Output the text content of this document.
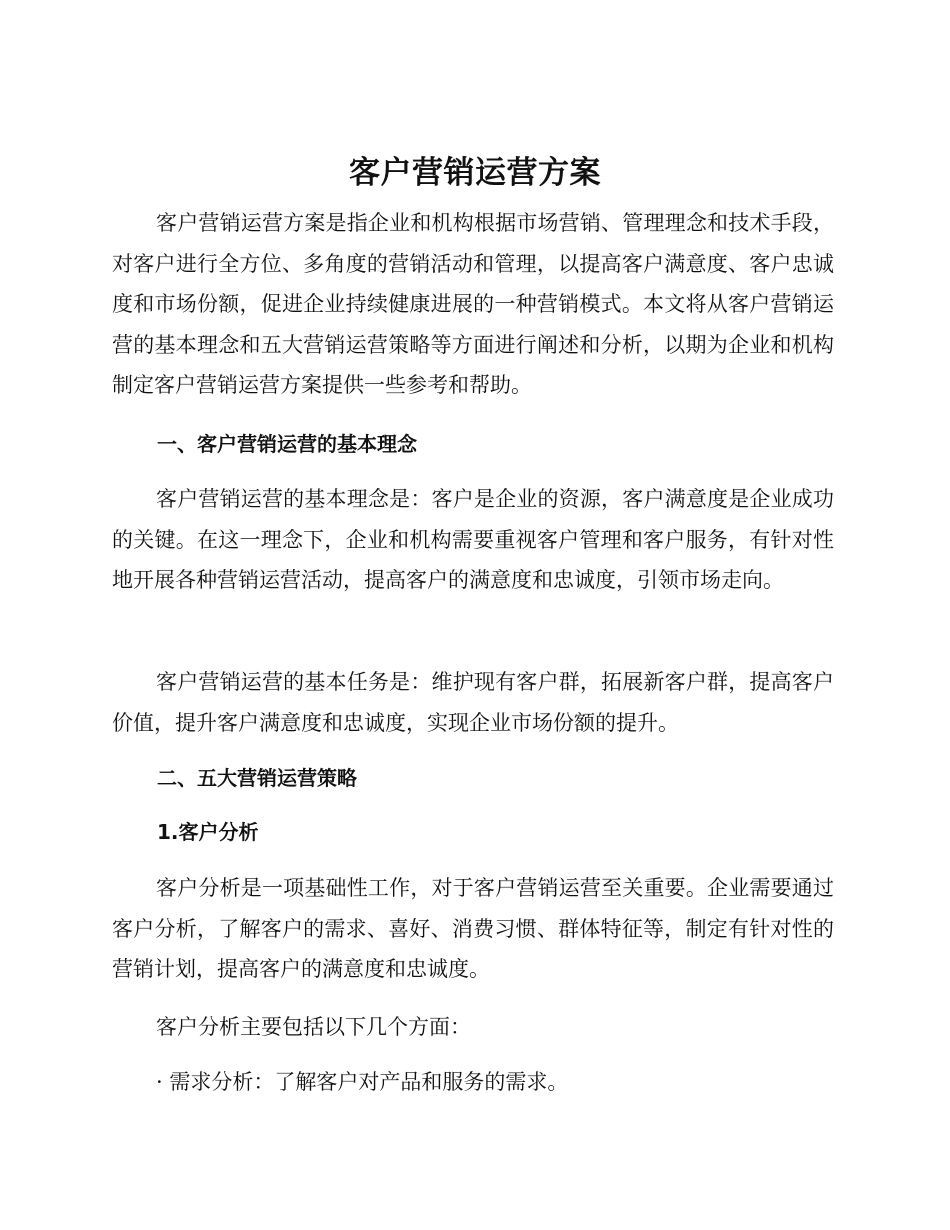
客户营销运营方案

客户营销运营方案是指企业和机构根据市场营销、管理理念和技术手段，对客户进行全方位、多角度的营销活动和管理，以提高客户满意度、客户忠诚度和市场份额，促进企业持续健康进展的一种营销模式。本文将从客户营销运营的基本理念和五大营销运营策略等方面进行阐述和分析，以期为企业和机构制定客户营销运营方案提供一些参考和帮助。

一、客户营销运营的基本理念

客户营销运营的基本理念是：客户是企业的资源，客户满意度是企业成功的关键。在这一理念下，企业和机构需要重视客户管理和客户服务，有针对性地开展各种营销运营活动，提高客户的满意度和忠诚度，引领市场走向。

客户营销运营的基本任务是：维护现有客户群，拓展新客户群，提高客户价值，提升客户满意度和忠诚度，实现企业市场份额的提升。

二、五大营销运营策略
1.客户分析

客户分析是一项基础性工作，对于客户营销运营至关重要。企业需要通过客户分析，了解客户的需求、喜好、消费习惯、群体特征等，制定有针对性的营销计划，提高客户的满意度和忠诚度。

客户分析主要包括以下几个方面：

· 需求分析：了解客户对产品和服务的需求。
